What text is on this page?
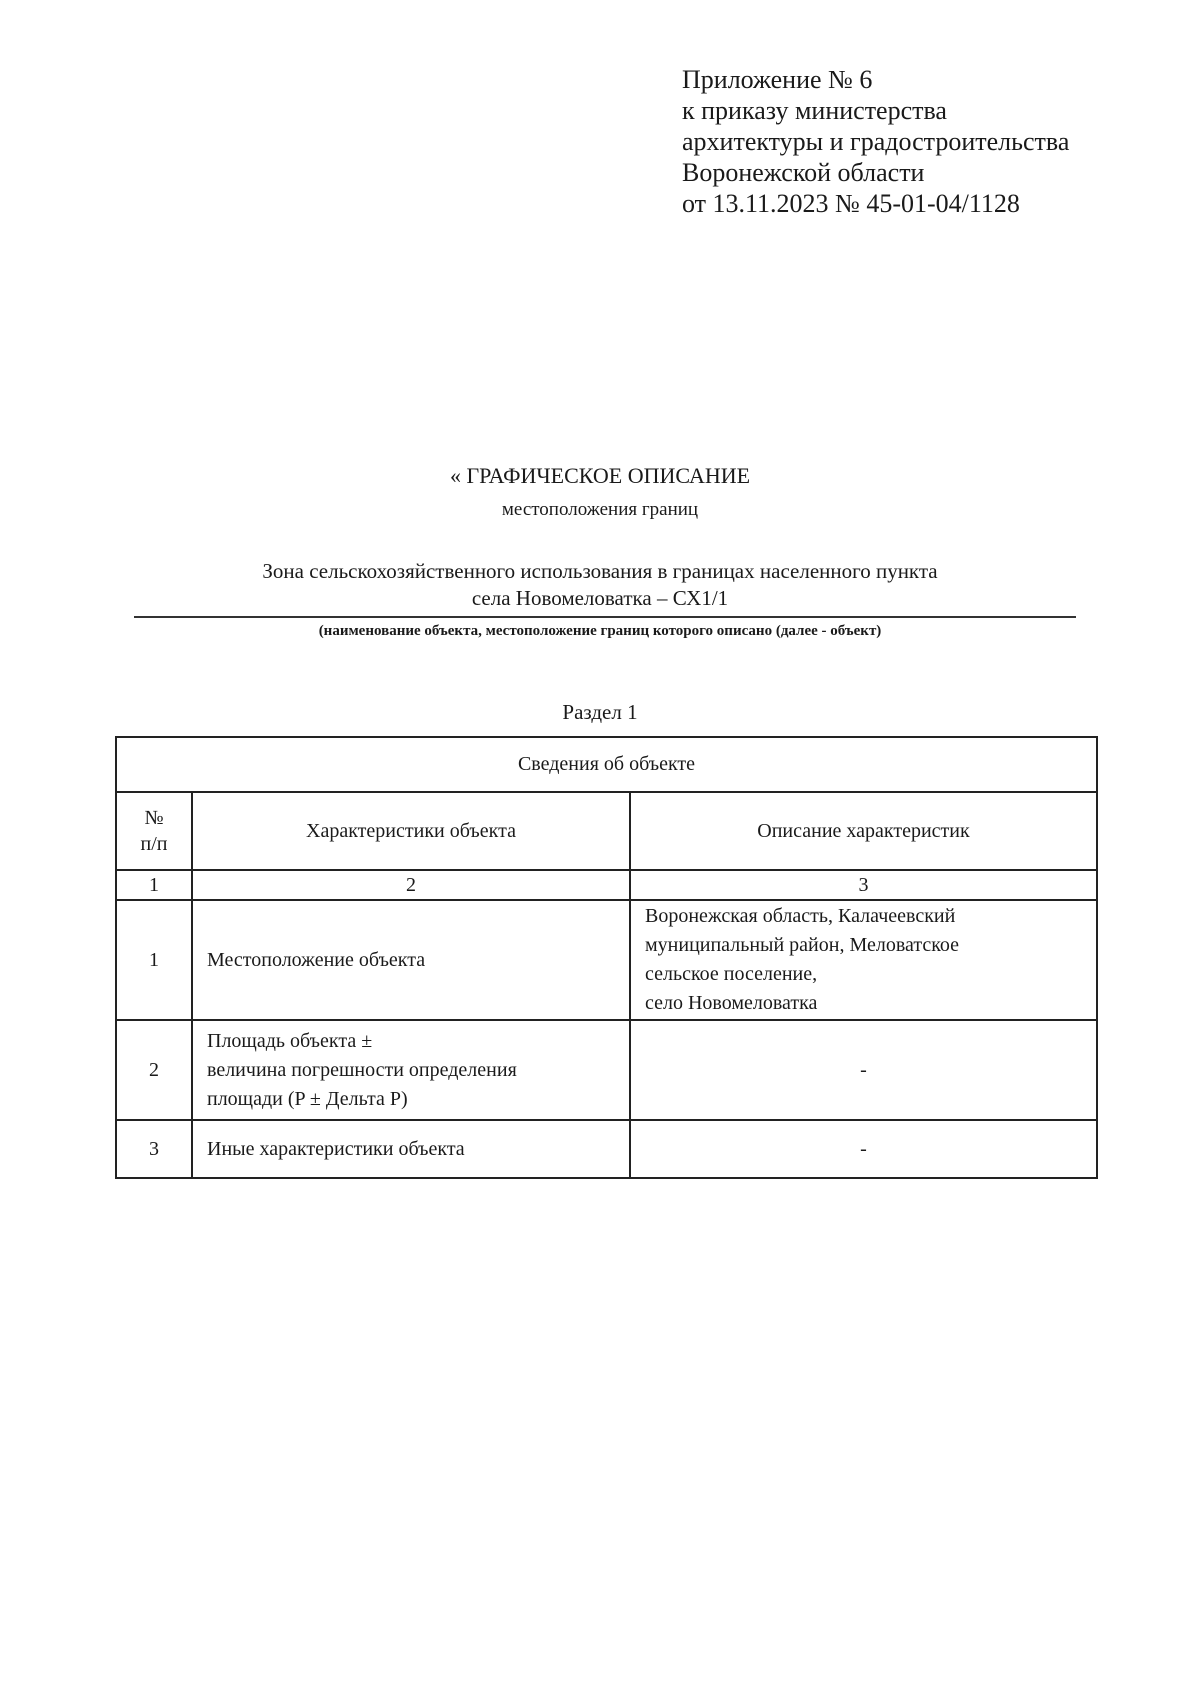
Приложение № 6
к приказу министерства
архитектуры и градостроительства
Воронежской области
от 13.11.2023 № 45-01-04/1128
« ГРАФИЧЕСКОЕ ОПИСАНИЕ
местоположения границ
Зона сельскохозяйственного использования в границах населенного пункта
села Новомеловатка – СХ1/1
(наименование объекта, местоположение границ которого описано (далее - объект)
Раздел 1
Сведения об объекте		

№
п/п	Характеристики объекта	Описание характеристик
1	2	3
1	Местоположение объекта	Воронежская область, Калачеевский
муниципальный район, Меловатское
сельское поселение,
село Новомеловатка

2	Площадь объекта ±
величина погрешности определения
площади (P ± Дельта P)	-

3	Иные характеристики объекта	-
